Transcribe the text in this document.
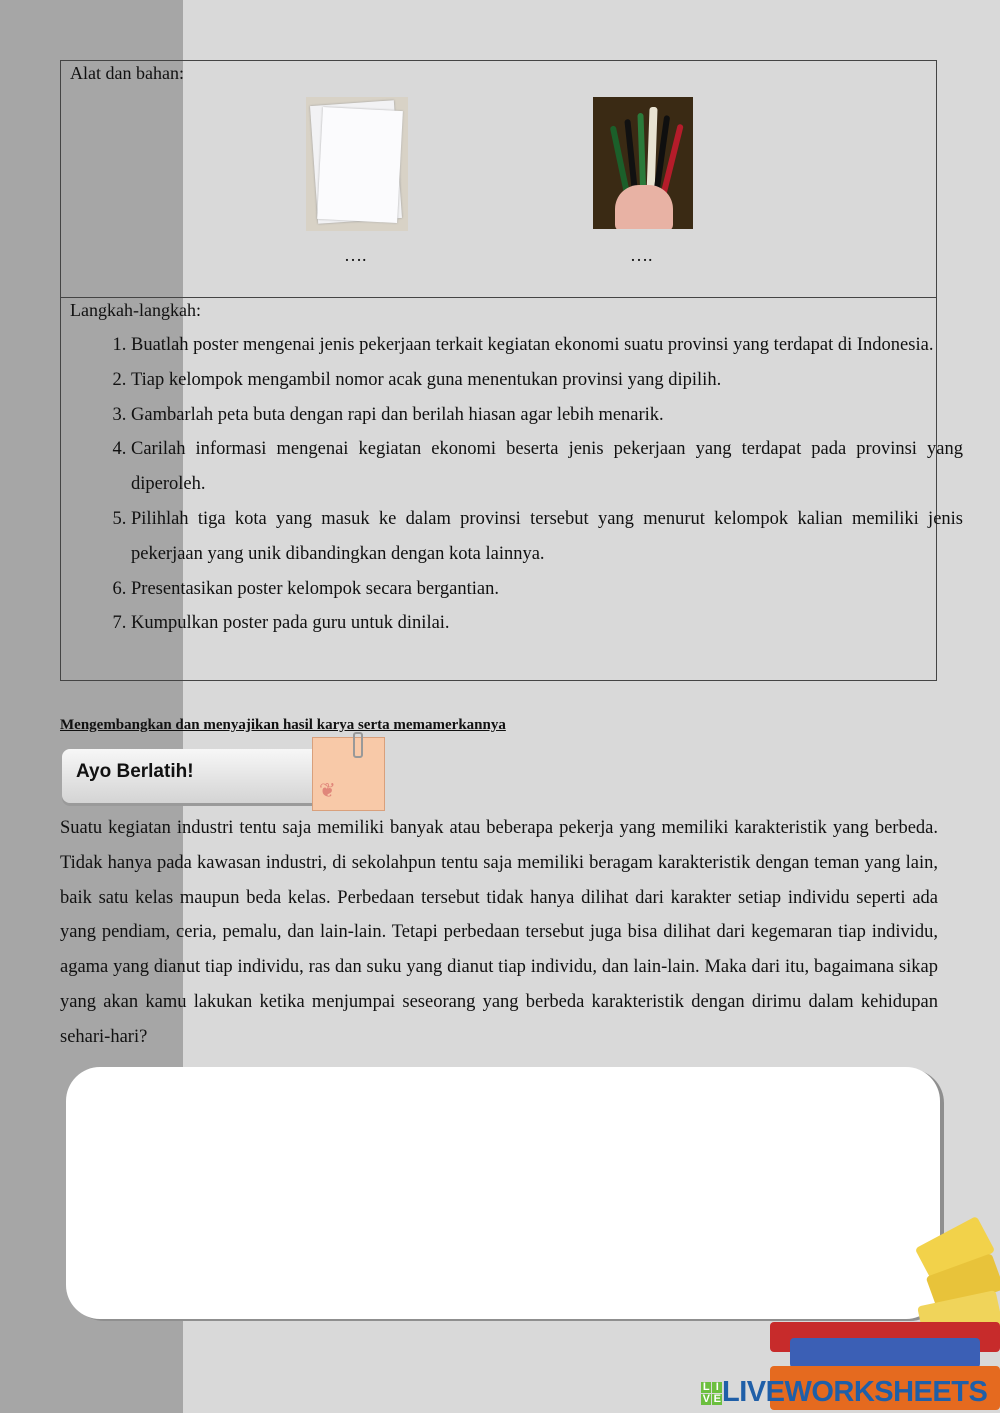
Alat dan bahan:
….	….
Langkah-langkah:
1. Buatlah poster mengenai jenis pekerjaan terkait kegiatan ekonomi suatu provinsi yang terdapat di Indonesia.
2. Tiap kelompok mengambil nomor acak guna menentukan provinsi yang dipilih.
3. Gambarlah peta buta dengan rapi dan berilah hiasan agar lebih menarik.
4. Carilah informasi mengenai kegiatan ekonomi beserta jenis pekerjaan yang terdapat pada provinsi yang diperoleh.
5. Pilihlah tiga kota yang masuk ke dalam provinsi tersebut yang menurut kelompok kalian memiliki jenis pekerjaan yang unik dibandingkan dengan kota lainnya.
6. Presentasikan poster kelompok secara bergantian.
7. Kumpulkan poster pada guru untuk dinilai.
Mengembangkan dan menyajikan hasil karya serta memamerkannya
Ayo Berlatih!
❦

Suatu kegiatan industri tentu saja memiliki banyak atau beberapa pekerja yang memiliki karakteristik yang berbeda. Tidak hanya pada kawasan industri, di sekolahpun tentu saja memiliki beragam karakteristik dengan teman yang lain, baik satu kelas maupun beda kelas. Perbedaan tersebut tidak hanya dilihat dari karakter setiap individu seperti ada yang pendiam, ceria, pemalu, dan lain-lain. Tetapi perbedaan tersebut juga bisa dilihat dari kegemaran tiap individu, agama yang dianut tiap individu, ras dan suku yang dianut tiap individu, dan lain-lain. Maka dari itu, bagaimana sikap yang akan kamu lakukan ketika menjumpai seseorang yang berbeda karakteristik dengan dirimu dalam kehidupan sehari-hari?

L IV ELIVEWORKSHEETS
